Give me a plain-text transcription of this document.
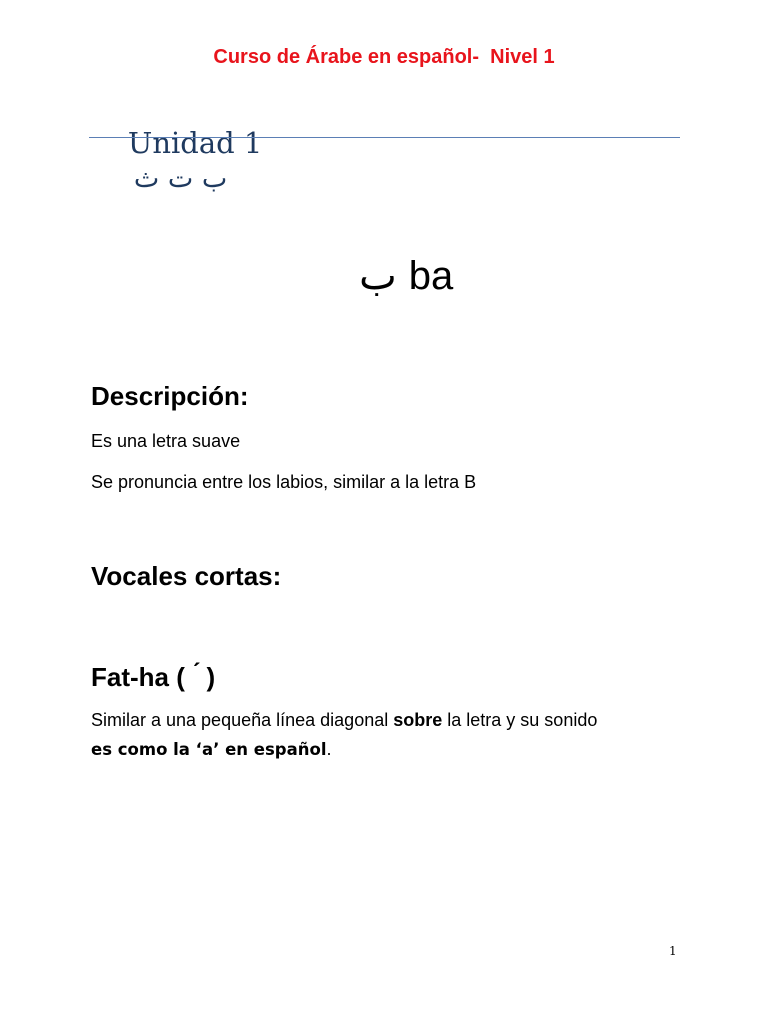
Curso de Árabe en español-  Nivel 1

Unidad 1
ب ت ث

ب ba

Descripción:
Es una letra suave
Se pronuncia entre los labios, similar a la letra B
Vocales cortas:
Fat-ha (  ́ )
Similar a una pequeña línea diagonal sobre la letra y su sonido
es como la ‘a’ en español.
1
